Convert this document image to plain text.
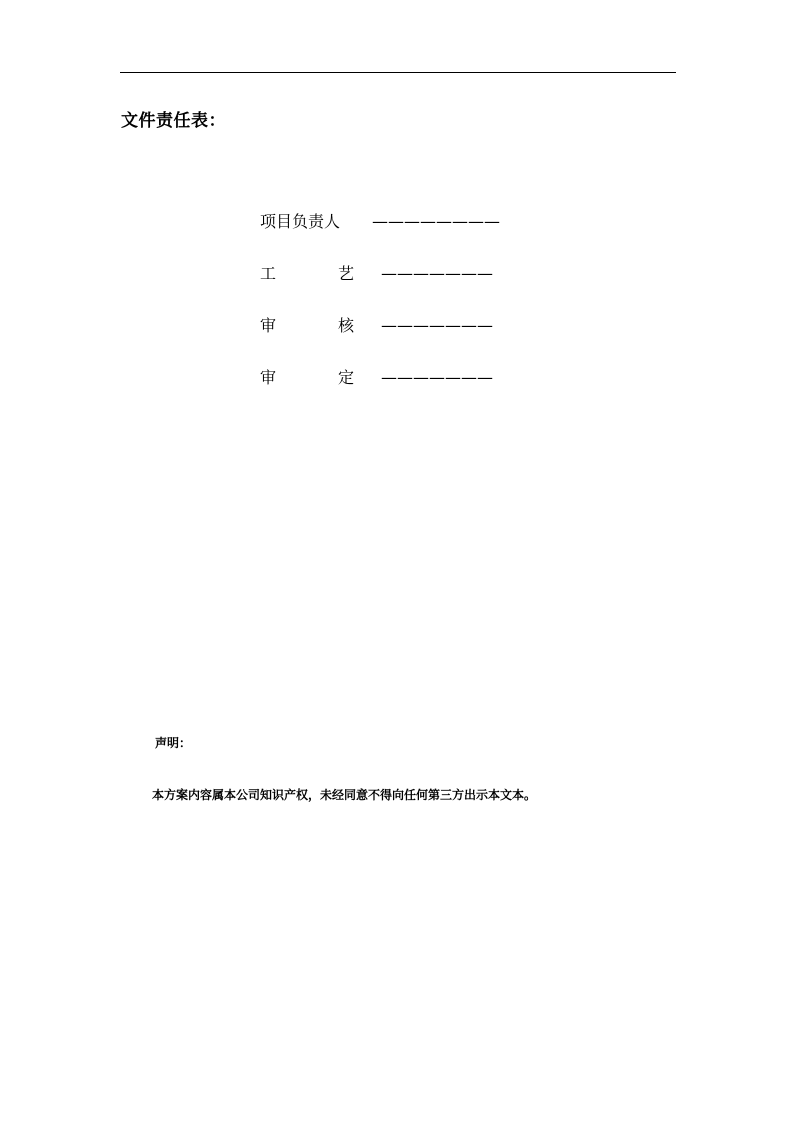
文件责任表：
项目负责人 ————————
工	艺 ———————
审	核 ———————
审	定 ———————
声明：
本方案内容属本公司知识产权，未经同意不得向任何第三方出示本文本。
